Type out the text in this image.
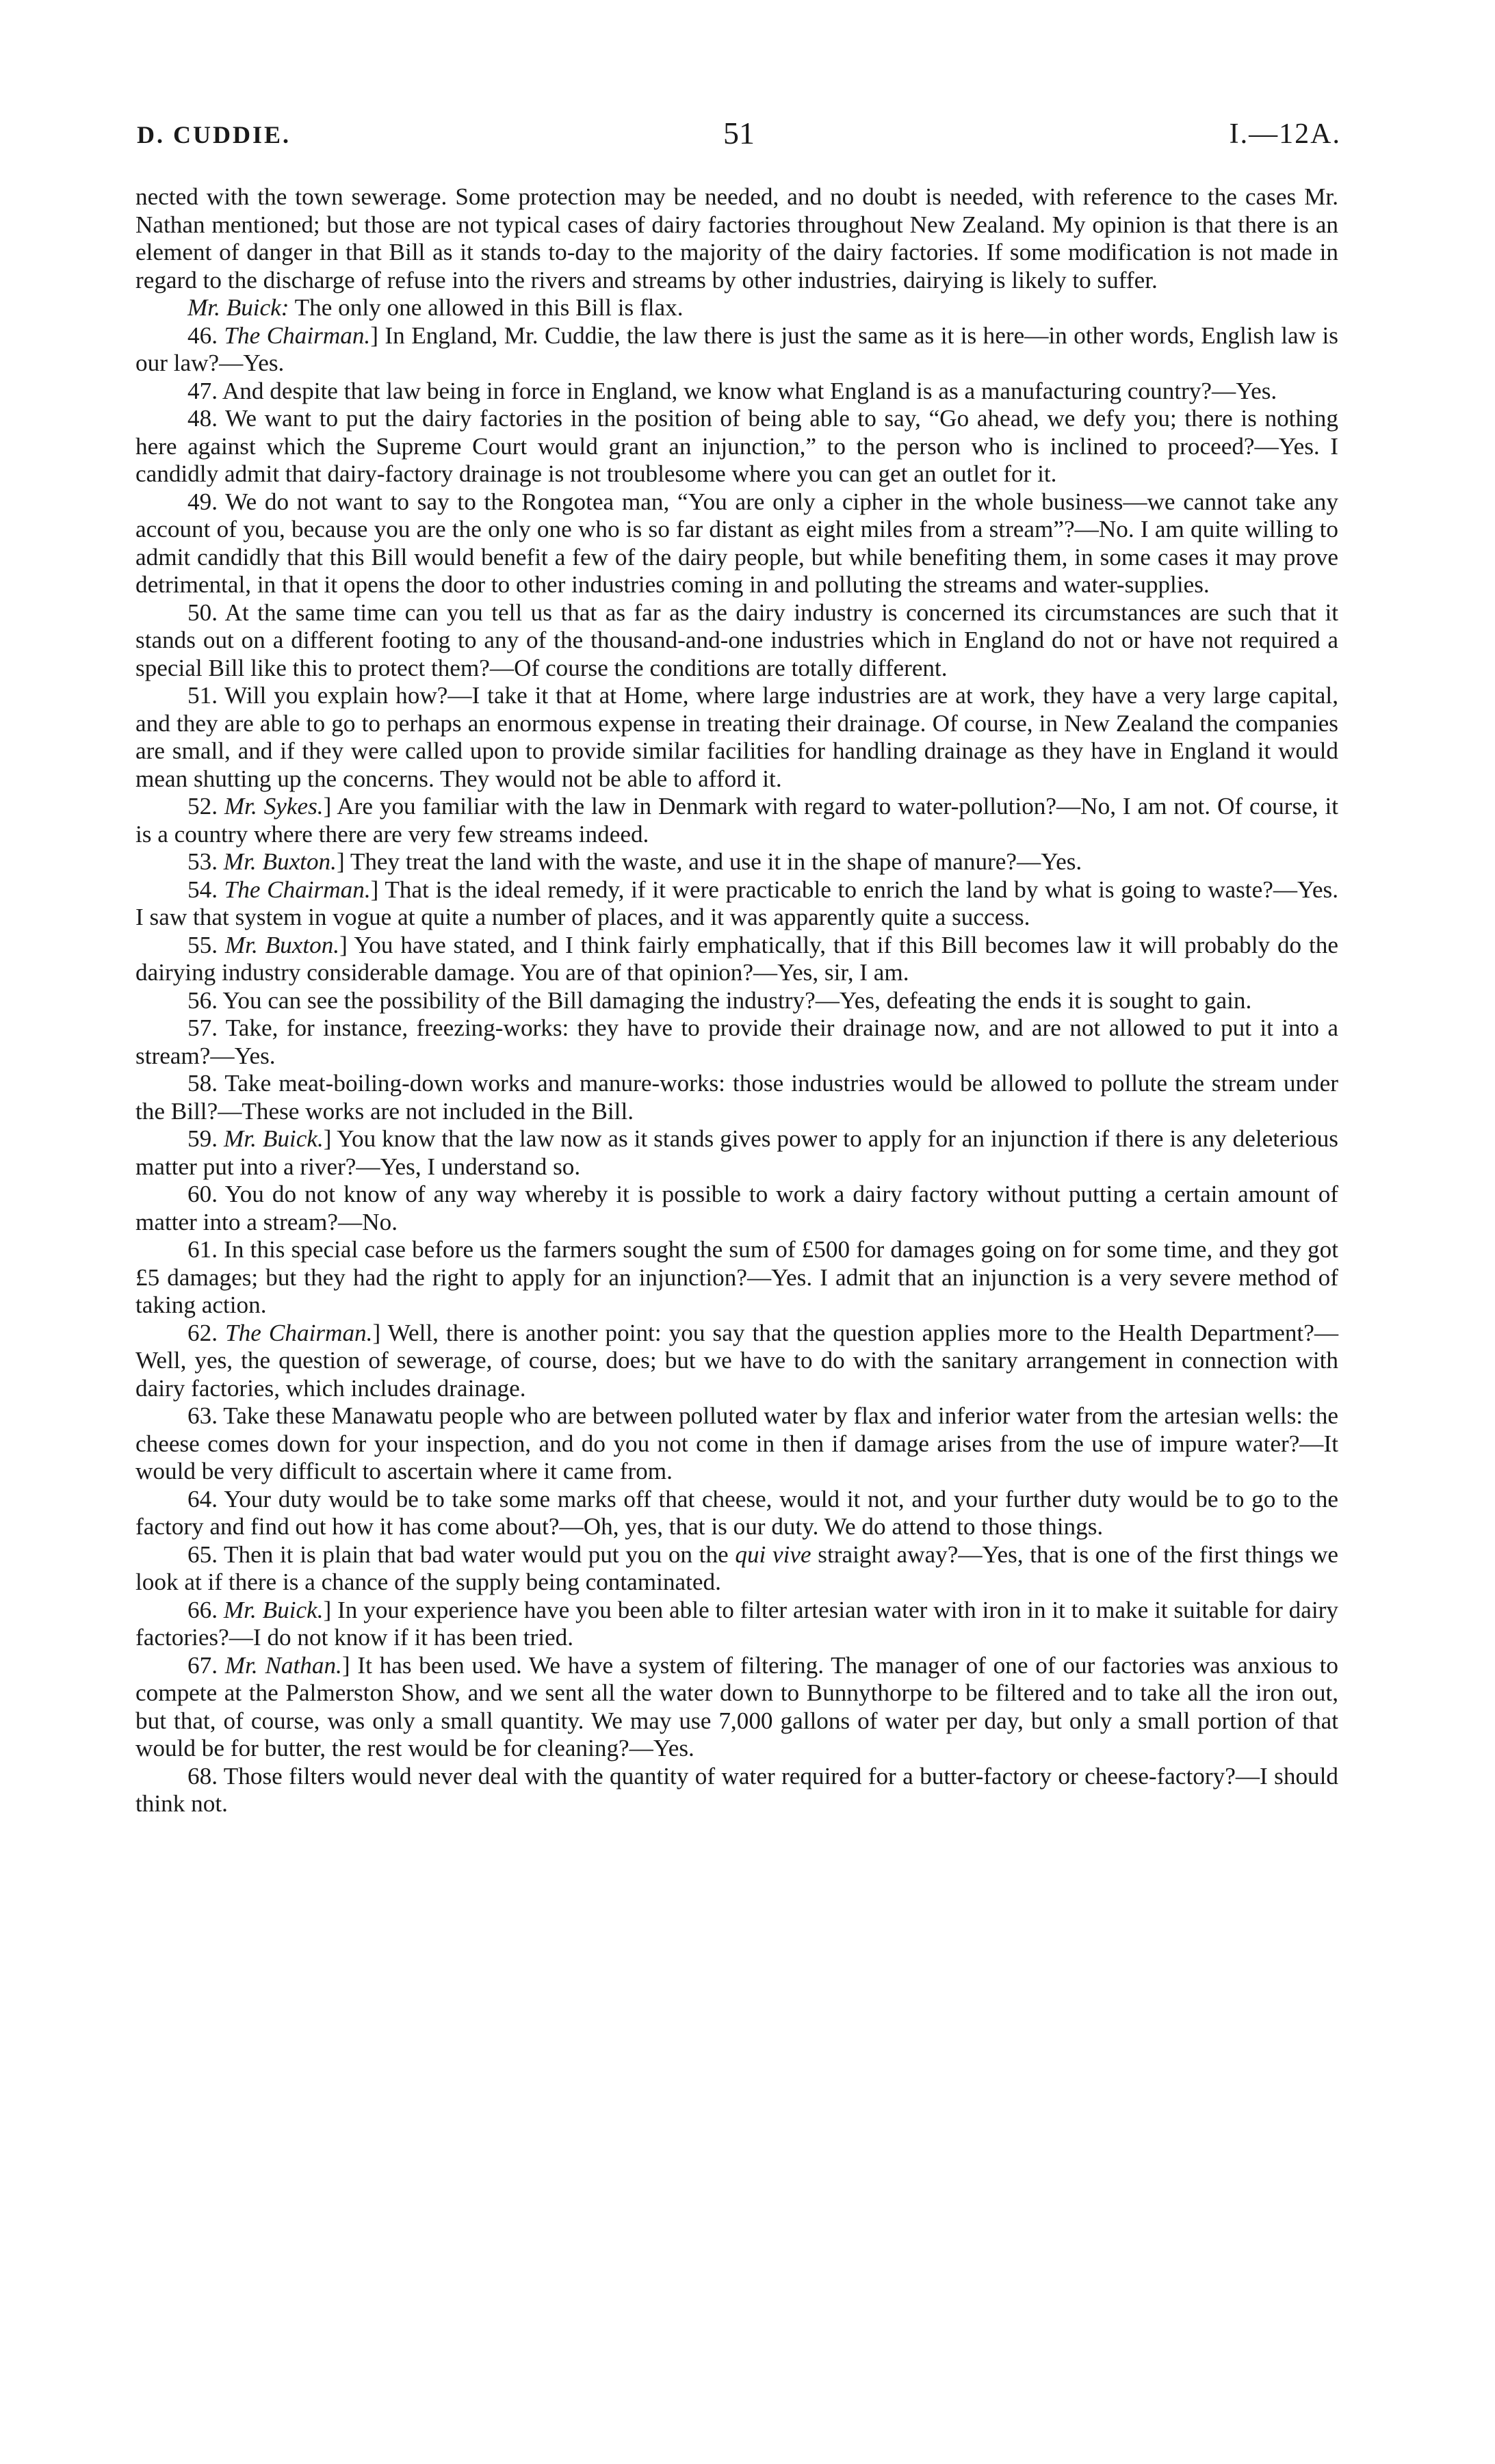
D. CUDDIE.	51	I.—12A.

nected with the town sewerage. Some protection may be needed, and no doubt is needed, with reference to the cases Mr. Nathan mentioned; but those are not typical cases of dairy factories throughout New Zealand. My opinion is that there is an element of danger in that Bill as it stands to-day to the majority of the dairy factories. If some modification is not made in regard to the discharge of refuse into the rivers and streams by other industries, dairying is likely to suffer.

Mr. Buick: The only one allowed in this Bill is flax.

46. The Chairman.] In England, Mr. Cuddie, the law there is just the same as it is here—in other words, English law is our law?—Yes.

47. And despite that law being in force in England, we know what England is as a manufacturing country?—Yes.

48. We want to put the dairy factories in the position of being able to say, “Go ahead, we defy you; there is nothing here against which the Supreme Court would grant an injunction,” to the person who is inclined to proceed?—Yes. I candidly admit that dairy-factory drainage is not troublesome where you can get an outlet for it.

49. We do not want to say to the Rongotea man, “You are only a cipher in the whole business—we cannot take any account of you, because you are the only one who is so far distant as eight miles from a stream”?—No. I am quite willing to admit candidly that this Bill would benefit a few of the dairy people, but while benefiting them, in some cases it may prove detrimental, in that it opens the door to other industries coming in and polluting the streams and water-supplies.

50. At the same time can you tell us that as far as the dairy industry is concerned its circumstances are such that it stands out on a different footing to any of the thousand-and-one industries which in England do not or have not required a special Bill like this to protect them?—Of course the conditions are totally different.

51. Will you explain how?—I take it that at Home, where large industries are at work, they have a very large capital, and they are able to go to perhaps an enormous expense in treating their drainage. Of course, in New Zealand the companies are small, and if they were called upon to provide similar facilities for handling drainage as they have in England it would mean shutting up the concerns. They would not be able to afford it.

52. Mr. Sykes.] Are you familiar with the law in Denmark with regard to water-pollution?—No, I am not. Of course, it is a country where there are very few streams indeed.

53. Mr. Buxton.] They treat the land with the waste, and use it in the shape of manure?—Yes.

54. The Chairman.] That is the ideal remedy, if it were practicable to enrich the land by what is going to waste?—Yes. I saw that system in vogue at quite a number of places, and it was apparently quite a success.

55. Mr. Buxton.] You have stated, and I think fairly emphatically, that if this Bill becomes law it will probably do the dairying industry considerable damage. You are of that opinion?—Yes, sir, I am.

56. You can see the possibility of the Bill damaging the industry?—Yes, defeating the ends it is sought to gain.

57. Take, for instance, freezing-works: they have to provide their drainage now, and are not allowed to put it into a stream?—Yes.

58. Take meat-boiling-down works and manure-works: those industries would be allowed to pollute the stream under the Bill?—These works are not included in the Bill.

59. Mr. Buick.] You know that the law now as it stands gives power to apply for an injunction if there is any deleterious matter put into a river?—Yes, I understand so.

60. You do not know of any way whereby it is possible to work a dairy factory without putting a certain amount of matter into a stream?—No.

61. In this special case before us the farmers sought the sum of £500 for damages going on for some time, and they got £5 damages; but they had the right to apply for an injunction?—Yes. I admit that an injunction is a very severe method of taking action.

62. The Chairman.] Well, there is another point: you say that the question applies more to the Health Department?—Well, yes, the question of sewerage, of course, does; but we have to do with the sanitary arrangement in connection with dairy factories, which includes drainage.

63. Take these Manawatu people who are between polluted water by flax and inferior water from the artesian wells: the cheese comes down for your inspection, and do you not come in then if damage arises from the use of impure water?—It would be very difficult to ascertain where it came from.

64. Your duty would be to take some marks off that cheese, would it not, and your further duty would be to go to the factory and find out how it has come about?—Oh, yes, that is our duty. We do attend to those things.

65. Then it is plain that bad water would put you on the qui vive straight away?—Yes, that is one of the first things we look at if there is a chance of the supply being contaminated.

66. Mr. Buick.] In your experience have you been able to filter artesian water with iron in it to make it suitable for dairy factories?—I do not know if it has been tried.

67. Mr. Nathan.] It has been used. We have a system of filtering. The manager of one of our factories was anxious to compete at the Palmerston Show, and we sent all the water down to Bunnythorpe to be filtered and to take all the iron out, but that, of course, was only a small quantity. We may use 7,000 gallons of water per day, but only a small portion of that would be for butter, the rest would be for cleaning?—Yes.

68. Those filters would never deal with the quantity of water required for a butter-factory or cheese-factory?—I should think not.
